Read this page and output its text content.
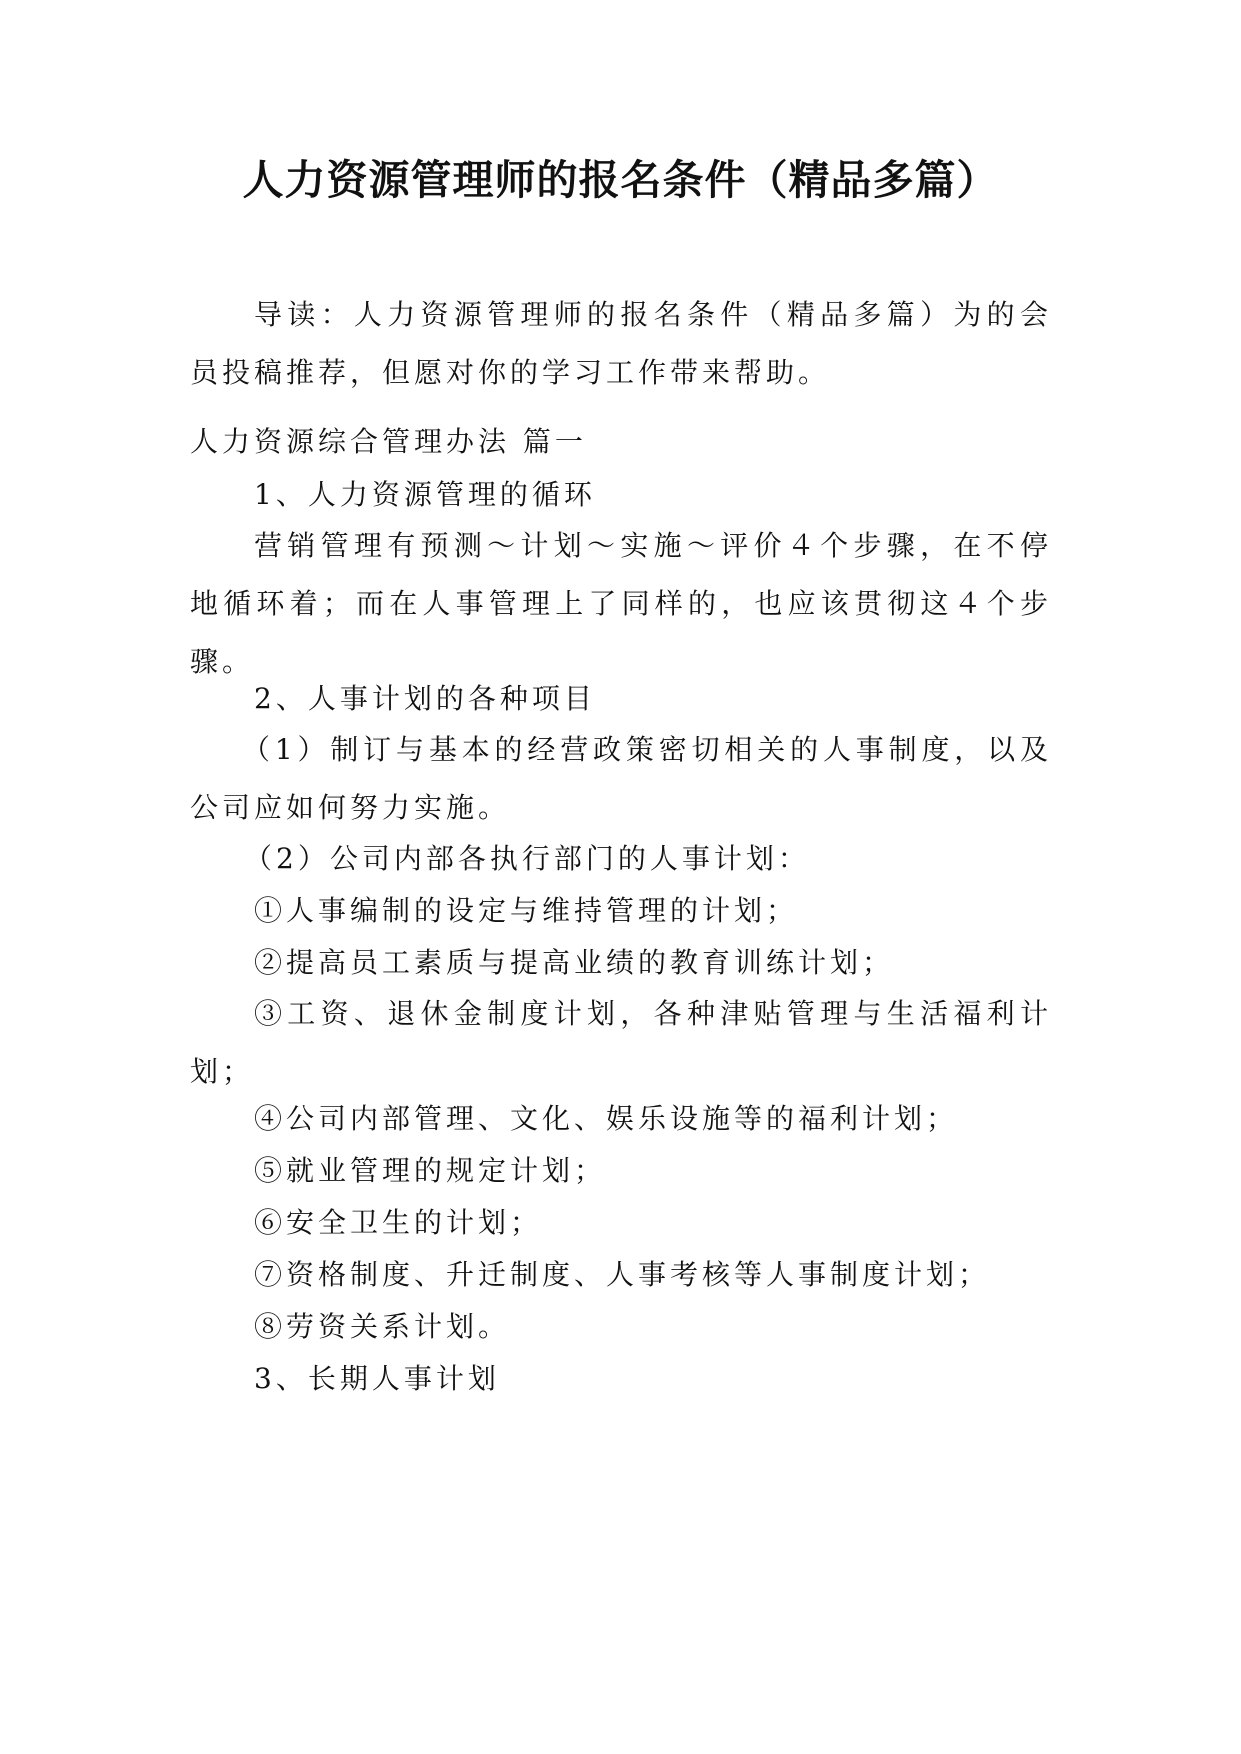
人力资源管理师的报名条件（精品多篇）
导读：人力资源管理师的报名条件（精品多篇）为的会员投稿推荐，但愿对你的学习工作带来帮助。
人力资源综合管理办法 篇一
1、人力资源管理的循环
营销管理有预测～计划～实施～评价４个步骤，在不停地循环着；而在人事管理上了同样的，也应该贯彻这４个步骤。
2、人事计划的各种项目
（1）制订与基本的经营政策密切相关的人事制度，以及公司应如何努力实施。
（2）公司内部各执行部门的人事计划：
①人事编制的设定与维持管理的计划；
②提高员工素质与提高业绩的教育训练计划；
③工资、退休金制度计划，各种津贴管理与生活福利计划；
④公司内部管理、文化、娱乐设施等的福利计划；
⑤就业管理的规定计划；
⑥安全卫生的计划；
⑦资格制度、升迁制度、人事考核等人事制度计划；
⑧劳资关系计划。
3、长期人事计划
